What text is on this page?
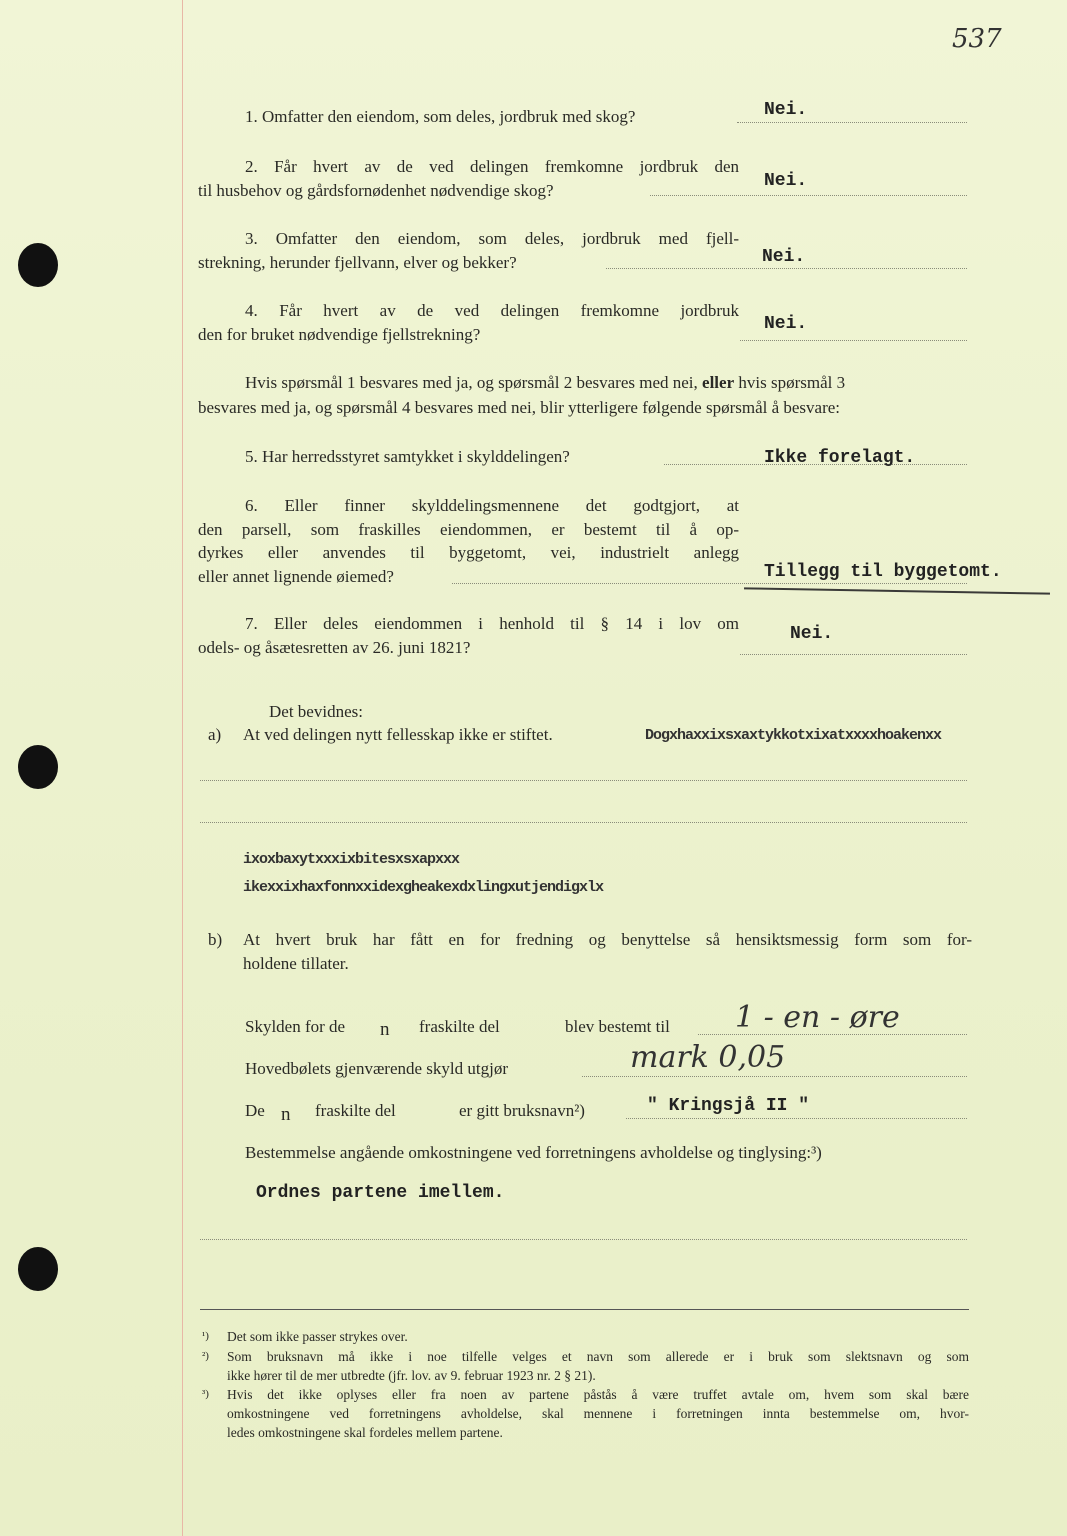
537
1. Omfatter den eiendom, som deles, jordbruk med skog?	Nei.
2. Får hvert av de ved delingen fremkomne jordbruk den
til husbehov og gårdsfornødenhet nødvendige skog?	Nei.
3. Omfatter den eiendom, som deles, jordbruk med fjell-
strekning, herunder fjellvann, elver og bekker?	Nei.
4. Får hvert av de ved delingen fremkomne jordbruk
den for bruket nødvendige fjellstrekning?
Nei.
Hvis spørsmål 1 besvares med ja, og spørsmål 2 besvares med nei, eller hvis spørsmål 3
besvares med ja, og spørsmål 4 besvares med nei, blir ytterligere følgende spørsmål å besvare:
5. Har herredsstyret samtykket i skylddelingen?	Ikke forelagt.
6. Eller finner skylddelingsmennene det godtgjort, at
den parsell, som fraskilles eiendommen, er bestemt til å op-
dyrkes eller anvendes til byggetomt, vei, industrielt anlegg
eller annet lignende øiemed?	Tillegg til byggetomt.
7. Eller deles eiendommen i henhold til § 14 i lov om
odels- og åsætesretten av 26. juni 1821?
Nei.
Det bevidnes:
a) At ved delingen nytt fellesskap ikke er stiftet.	Dogxhaxxixsxaxtykkotxixatxxxxhoakenxx
ixoxbaxytxxxixbitesxsxapxxx
ikexxixhaxfonnxxidexgheakexdxlingxutjendigxlx
b) At hvert bruk har fått en for fredning og benyttelse så hensiktsmessig form som for-
holdene tillater.
Skylden for de n fraskilte del	blev bestemt til 1 - en - øre
Hovedbølets gjenværende skyld utgjør	mark 0,05
De n fraskilte del	er gitt bruksnavn²)	" Kringsjå II "
Bestemmelse angående omkostningene ved forretningens avholdelse og tinglysing:³)
Ordnes partene imellem.
¹) Det som ikke passer strykes over.
²) Som bruksnavn må ikke i noe tilfelle velges et navn som allerede er i bruk som slektsnavn og som
ikke hører til de mer utbredte (jfr. lov. av 9. februar 1923 nr. 2 § 21).
³) Hvis det ikke oplyses eller fra noen av partene påstås å være truffet avtale om, hvem som skal bære
omkostningene ved forretningens avholdelse, skal mennene i forretningen innta bestemmelse om, hvor-
ledes omkostningene skal fordeles mellem partene.
